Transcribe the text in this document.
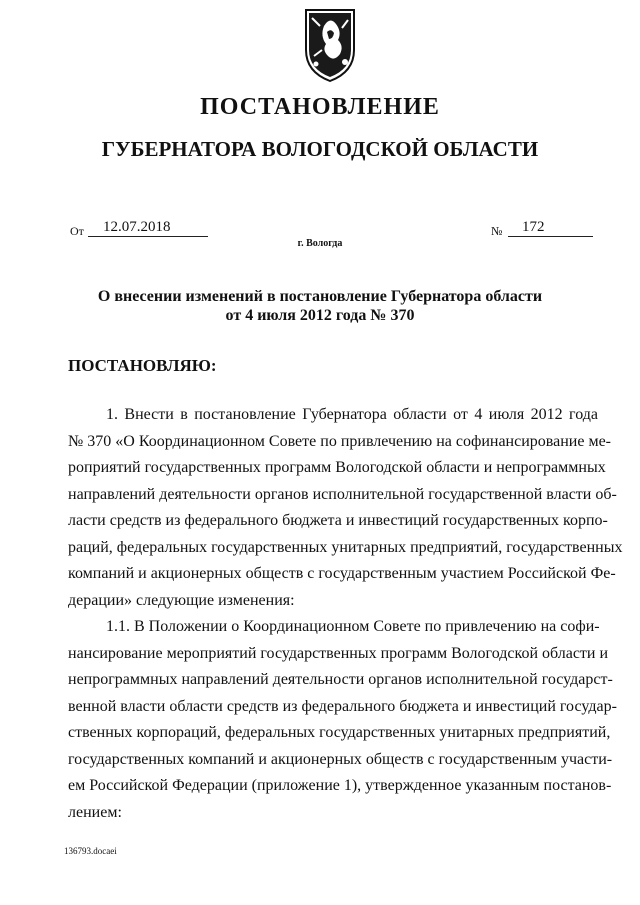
ПОСТАНОВЛЕНИЕ
ГУБЕРНАТОРА ВОЛОГОДСКОЙ ОБЛАСТИ
От 12.07.2018	№ 172
г. Вологда
О внесении изменений в постановление Губернатора области
от 4 июля 2012 года № 370
ПОСТАНОВЛЯЮ:
1. Внести в постановление Губернатора области от 4 июля 2012 года
№ 370 «О Координационном Совете по привлечению на софинансирование ме-
роприятий государственных программ Вологодской области и непрограммных
направлений деятельности органов исполнительной государственной власти об-
ласти средств из федерального бюджета и инвестиций государственных корпо-
раций, федеральных государственных унитарных предприятий, государственных
компаний и акционерных обществ с государственным участием Российской Фе-
дерации» следующие изменения:
1.1. В Положении о Координационном Совете по привлечению на софи-
нансирование мероприятий государственных программ Вологодской области и
непрограммных направлений деятельности органов исполнительной государст-
венной власти области средств из федерального бюджета и инвестиций государ-
ственных корпораций, федеральных государственных унитарных предприятий,
государственных компаний и акционерных обществ с государственным участи-
ем Российской Федерации (приложение 1), утвержденное указанным постанов-
лением:
136793.docaei
